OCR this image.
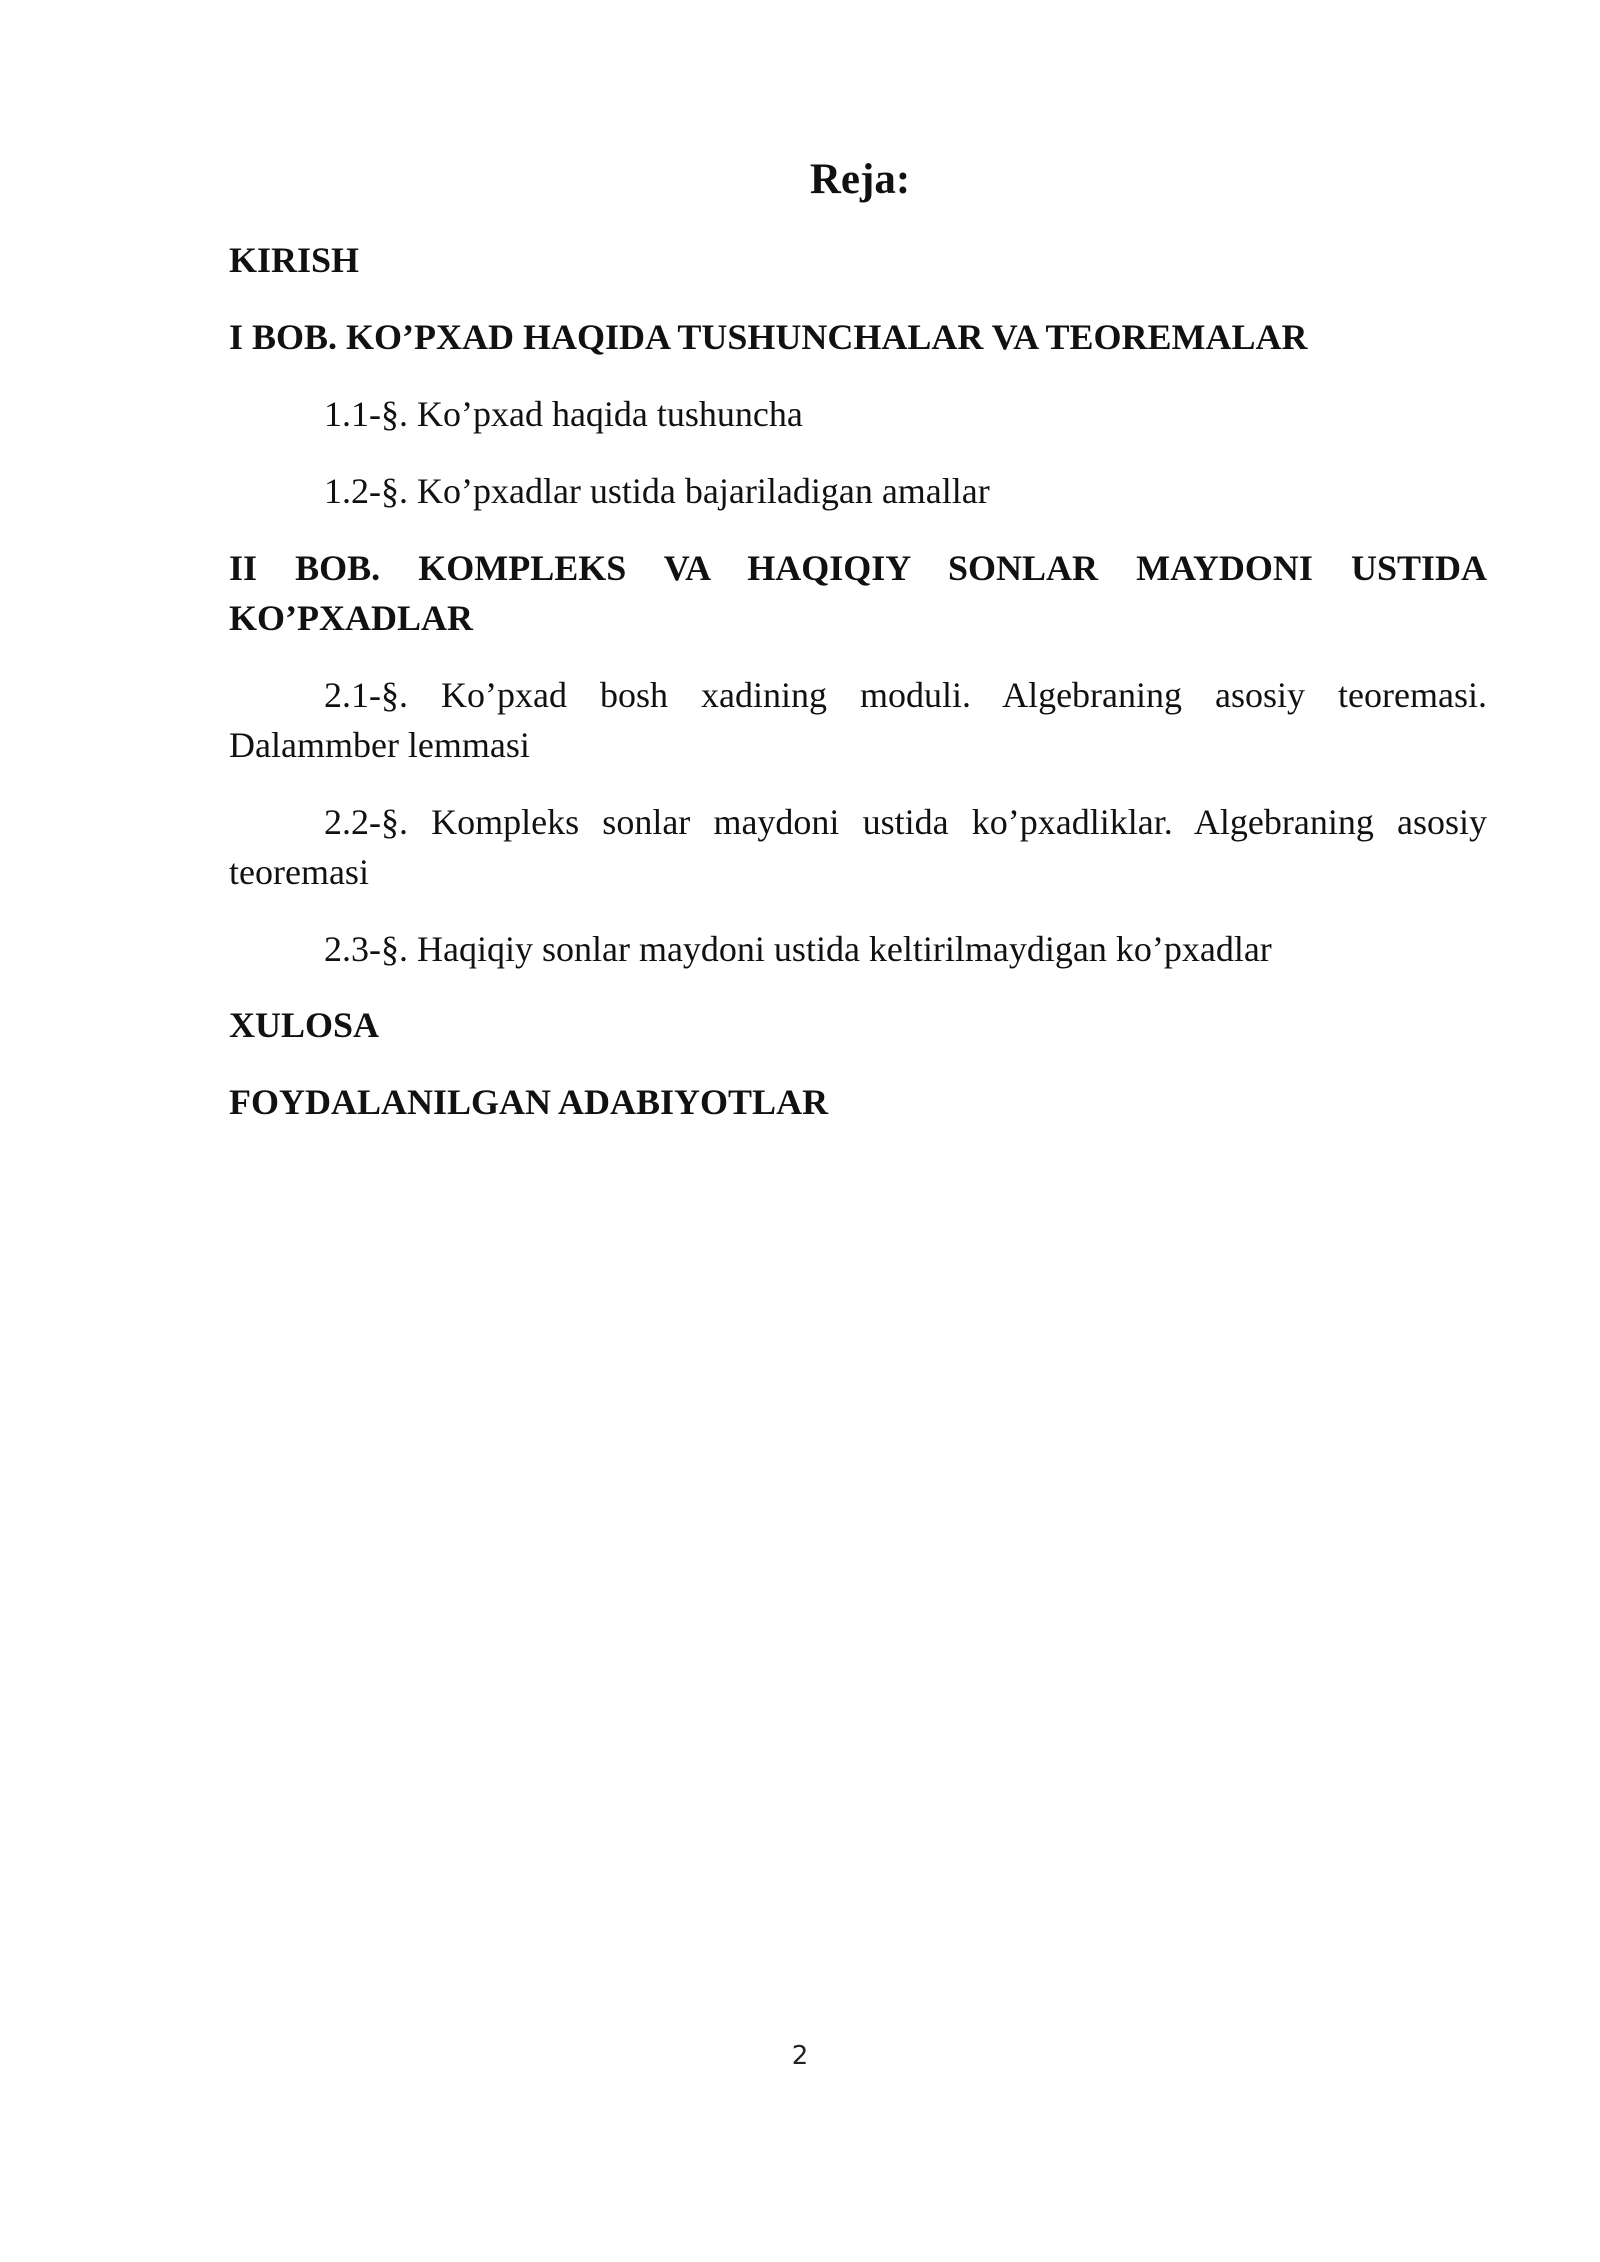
Reja:
KIRISH
I BOB. KO’PXAD HAQIDA TUSHUNCHALAR VA TEOREMALAR
1.1-§. Ko’pxad haqida tushuncha
1.2-§. Ko’pxadlar ustida bajariladigan amallar
II BOB. KOMPLEKS VA HAQIQIY SONLAR MAYDONI USTIDA KO’PXADLAR
2.1-§. Ko’pxad bosh xadining moduli. Algebraning asosiy teoremasi. Dalammber lemmasi
2.2-§. Kompleks sonlar maydoni ustida ko’pxadliklar. Algebraning asosiy teoremasi
2.3-§. Haqiqiy sonlar maydoni ustida keltirilmaydigan ko’pxadlar
XULOSA
FOYDALANILGAN ADABIYOTLAR
2
